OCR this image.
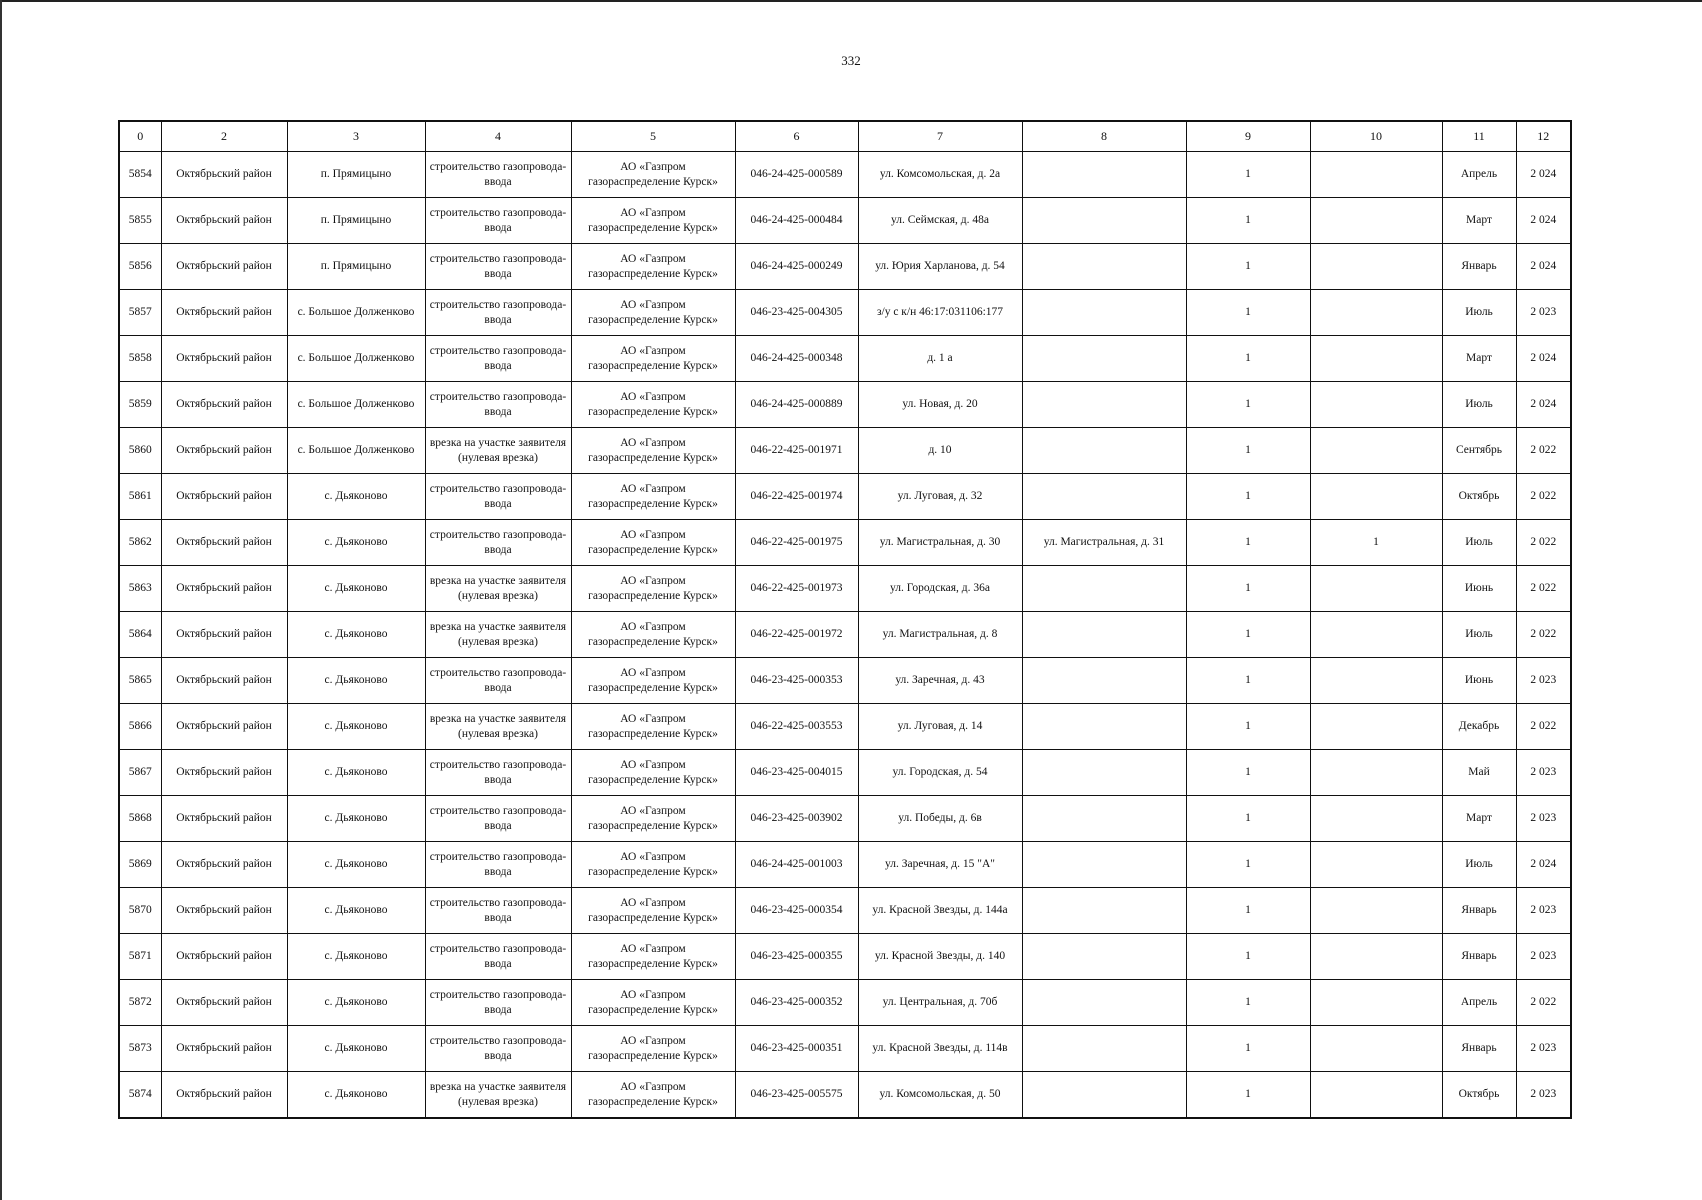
332
0	2	3	4	5	6	7	8	9	10	11	12
5854	Октябрьский район	п. Прямицыно	строительство газопровода-ввода	АО «Газпром газораспределение Курск»	046-24-425-000589	ул. Комсомольская, д. 2а		1		Апрель	2 024
5855	Октябрьский район	п. Прямицыно	строительство газопровода-ввода	АО «Газпром газораспределение Курск»	046-24-425-000484	ул. Сеймская, д. 48а		1		Март	2 024
5856	Октябрьский район	п. Прямицыно	строительство газопровода-ввода	АО «Газпром газораспределение Курск»	046-24-425-000249	ул. Юрия Харланова, д. 54		1		Январь	2 024
5857	Октябрьский район	с. Большое Долженково	строительство газопровода-ввода	АО «Газпром газораспределение Курск»	046-23-425-004305	з/у с к/н 46:17:031106:177		1		Июль	2 023
5858	Октябрьский район	с. Большое Долженково	строительство газопровода-ввода	АО «Газпром газораспределение Курск»	046-24-425-000348	д. 1 а		1		Март	2 024
5859	Октябрьский район	с. Большое Долженково	строительство газопровода-ввода	АО «Газпром газораспределение Курск»	046-24-425-000889	ул. Новая, д. 20		1		Июль	2 024
5860	Октябрьский район	с. Большое Долженково	врезка на участке заявителя (нулевая врезка)	АО «Газпром газораспределение Курск»	046-22-425-001971	д. 10		1		Сентябрь	2 022
5861	Октябрьский район	с. Дьяконово	строительство газопровода-ввода	АО «Газпром газораспределение Курск»	046-22-425-001974	ул. Луговая, д. 32		1		Октябрь	2 022
5862	Октябрьский район	с. Дьяконово	строительство газопровода-ввода	АО «Газпром газораспределение Курск»	046-22-425-001975	ул. Магистральная, д. 30	ул. Магистральная, д. 31	1	1	Июль	2 022
5863	Октябрьский район	с. Дьяконово	врезка на участке заявителя (нулевая врезка)	АО «Газпром газораспределение Курск»	046-22-425-001973	ул. Городская, д. 36а		1		Июнь	2 022
5864	Октябрьский район	с. Дьяконово	врезка на участке заявителя (нулевая врезка)	АО «Газпром газораспределение Курск»	046-22-425-001972	ул. Магистральная, д. 8		1		Июль	2 022
5865	Октябрьский район	с. Дьяконово	строительство газопровода-ввода	АО «Газпром газораспределение Курск»	046-23-425-000353	ул. Заречная, д. 43		1		Июнь	2 023
5866	Октябрьский район	с. Дьяконово	врезка на участке заявителя (нулевая врезка)	АО «Газпром газораспределение Курск»	046-22-425-003553	ул. Луговая, д. 14		1		Декабрь	2 022
5867	Октябрьский район	с. Дьяконово	строительство газопровода-ввода	АО «Газпром газораспределение Курск»	046-23-425-004015	ул. Городская, д. 54		1		Май	2 023
5868	Октябрьский район	с. Дьяконово	строительство газопровода-ввода	АО «Газпром газораспределение Курск»	046-23-425-003902	ул. Победы, д. 6в		1		Март	2 023
5869	Октябрьский район	с. Дьяконово	строительство газопровода-ввода	АО «Газпром газораспределение Курск»	046-24-425-001003	ул. Заречная, д. 15 "А"		1		Июль	2 024
5870	Октябрьский район	с. Дьяконово	строительство газопровода-ввода	АО «Газпром газораспределение Курск»	046-23-425-000354	ул. Красной Звезды, д. 144а		1		Январь	2 023
5871	Октябрьский район	с. Дьяконово	строительство газопровода-ввода	АО «Газпром газораспределение Курск»	046-23-425-000355	ул. Красной Звезды, д. 140		1		Январь	2 023
5872	Октябрьский район	с. Дьяконово	строительство газопровода-ввода	АО «Газпром газораспределение Курск»	046-23-425-000352	ул. Центральная, д. 70б		1		Апрель	2 022
5873	Октябрьский район	с. Дьяконово	строительство газопровода-ввода	АО «Газпром газораспределение Курск»	046-23-425-000351	ул. Красной Звезды, д. 114в		1		Январь	2 023
5874	Октябрьский район	с. Дьяконово	врезка на участке заявителя (нулевая врезка)	АО «Газпром газораспределение Курск»	046-23-425-005575	ул. Комсомольская, д. 50		1		Октябрь	2 023
